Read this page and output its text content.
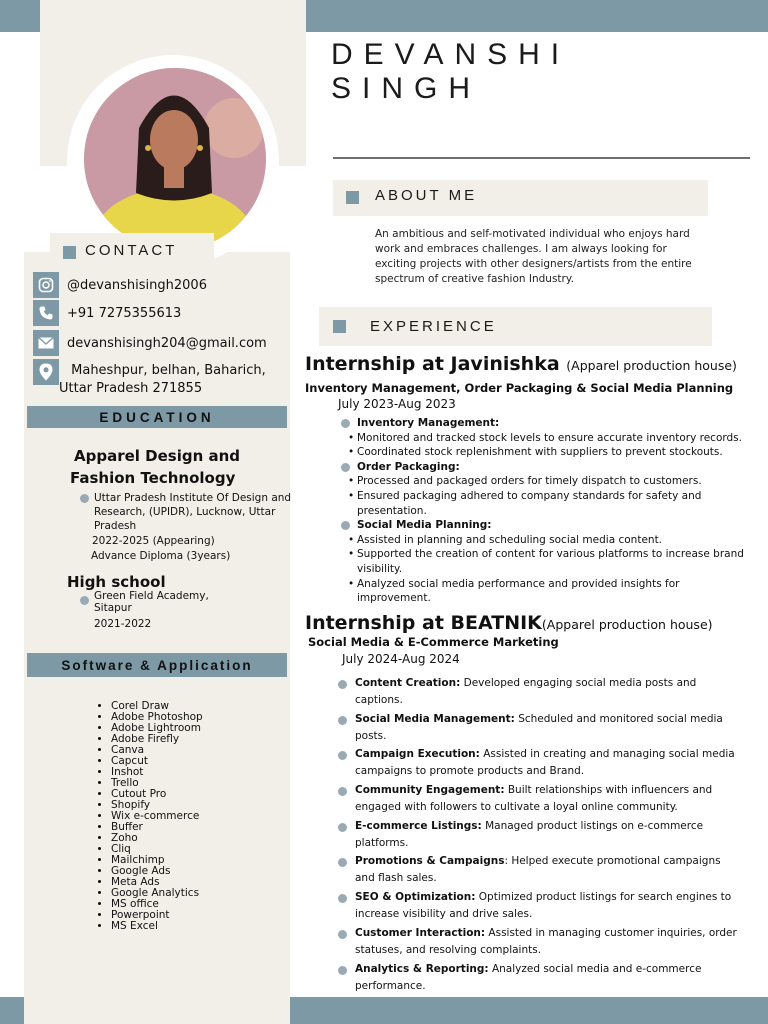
DEVANSHI
SINGH
ABOUT ME
An ambitious and self-motivated individual who enjoys hard work and embraces challenges. I am always looking for exciting projects with other designers/artists from the entire spectrum of creative fashion Industry.
CONTACT
@devanshisingh2006
+91 7275355613
devanshisingh204@gmail.com
Maheshpur, belhan, Baharich,
Uttar Pradesh 271855
EDUCATION
Apparel Design and
Fashion Technology
Uttar Pradesh Institute Of Design and
Research, (UPIDR), Lucknow, Uttar
Pradesh
2022-2025 (Appearing)
Advance Diploma (3years)
High school
Green Field Academy,
Sitapur
2021-2022
Software & Application
• Corel Draw
• Adobe Photoshop
• Adobe Lightroom
• Adobe Firefly
• Canva
• Capcut
• Inshot
• Trello
• Cutout Pro
• Shopify
• Wix e-commerce
• Buffer
• Zoho
• Cliq
• Mailchimp
• Google Ads
• Meta Ads
• Google Analytics
• MS office
• Powerpoint
• MS Excel
EXPERIENCE
Internship at Javinishka (Apparel production house)
Inventory Management, Order Packaging & Social Media Planning
July 2023-Aug 2023
Inventory Management:
• Monitored and tracked stock levels to ensure accurate inventory records.
• Coordinated stock replenishment with suppliers to prevent stockouts.
Order Packaging:
• Processed and packaged orders for timely dispatch to customers.
• Ensured packaging adhered to company standards for safety and presentation.
Social Media Planning:
• Assisted in planning and scheduling social media content.
• Supported the creation of content for various platforms to increase brand visibility.
• Analyzed social media performance and provided insights for improvement.
Internship at BEATNIK(Apparel production house)
Social Media & E-Commerce Marketing
July 2024-Aug 2024
Content Creation: Developed engaging social media posts and captions.
Social Media Management: Scheduled and monitored social media posts.
Campaign Execution: Assisted in creating and managing social media campaigns to promote products and Brand.
Community Engagement: Built relationships with influencers and engaged with followers to cultivate a loyal online community.
E-commerce Listings: Managed product listings on e-commerce platforms.
Promotions & Campaigns: Helped execute promotional campaigns and flash sales.
SEO & Optimization: Optimized product listings for search engines to increase visibility and drive sales.
Customer Interaction: Assisted in managing customer inquiries, order statuses, and resolving complaints.
Analytics & Reporting: Analyzed social media and e-commerce performance.
